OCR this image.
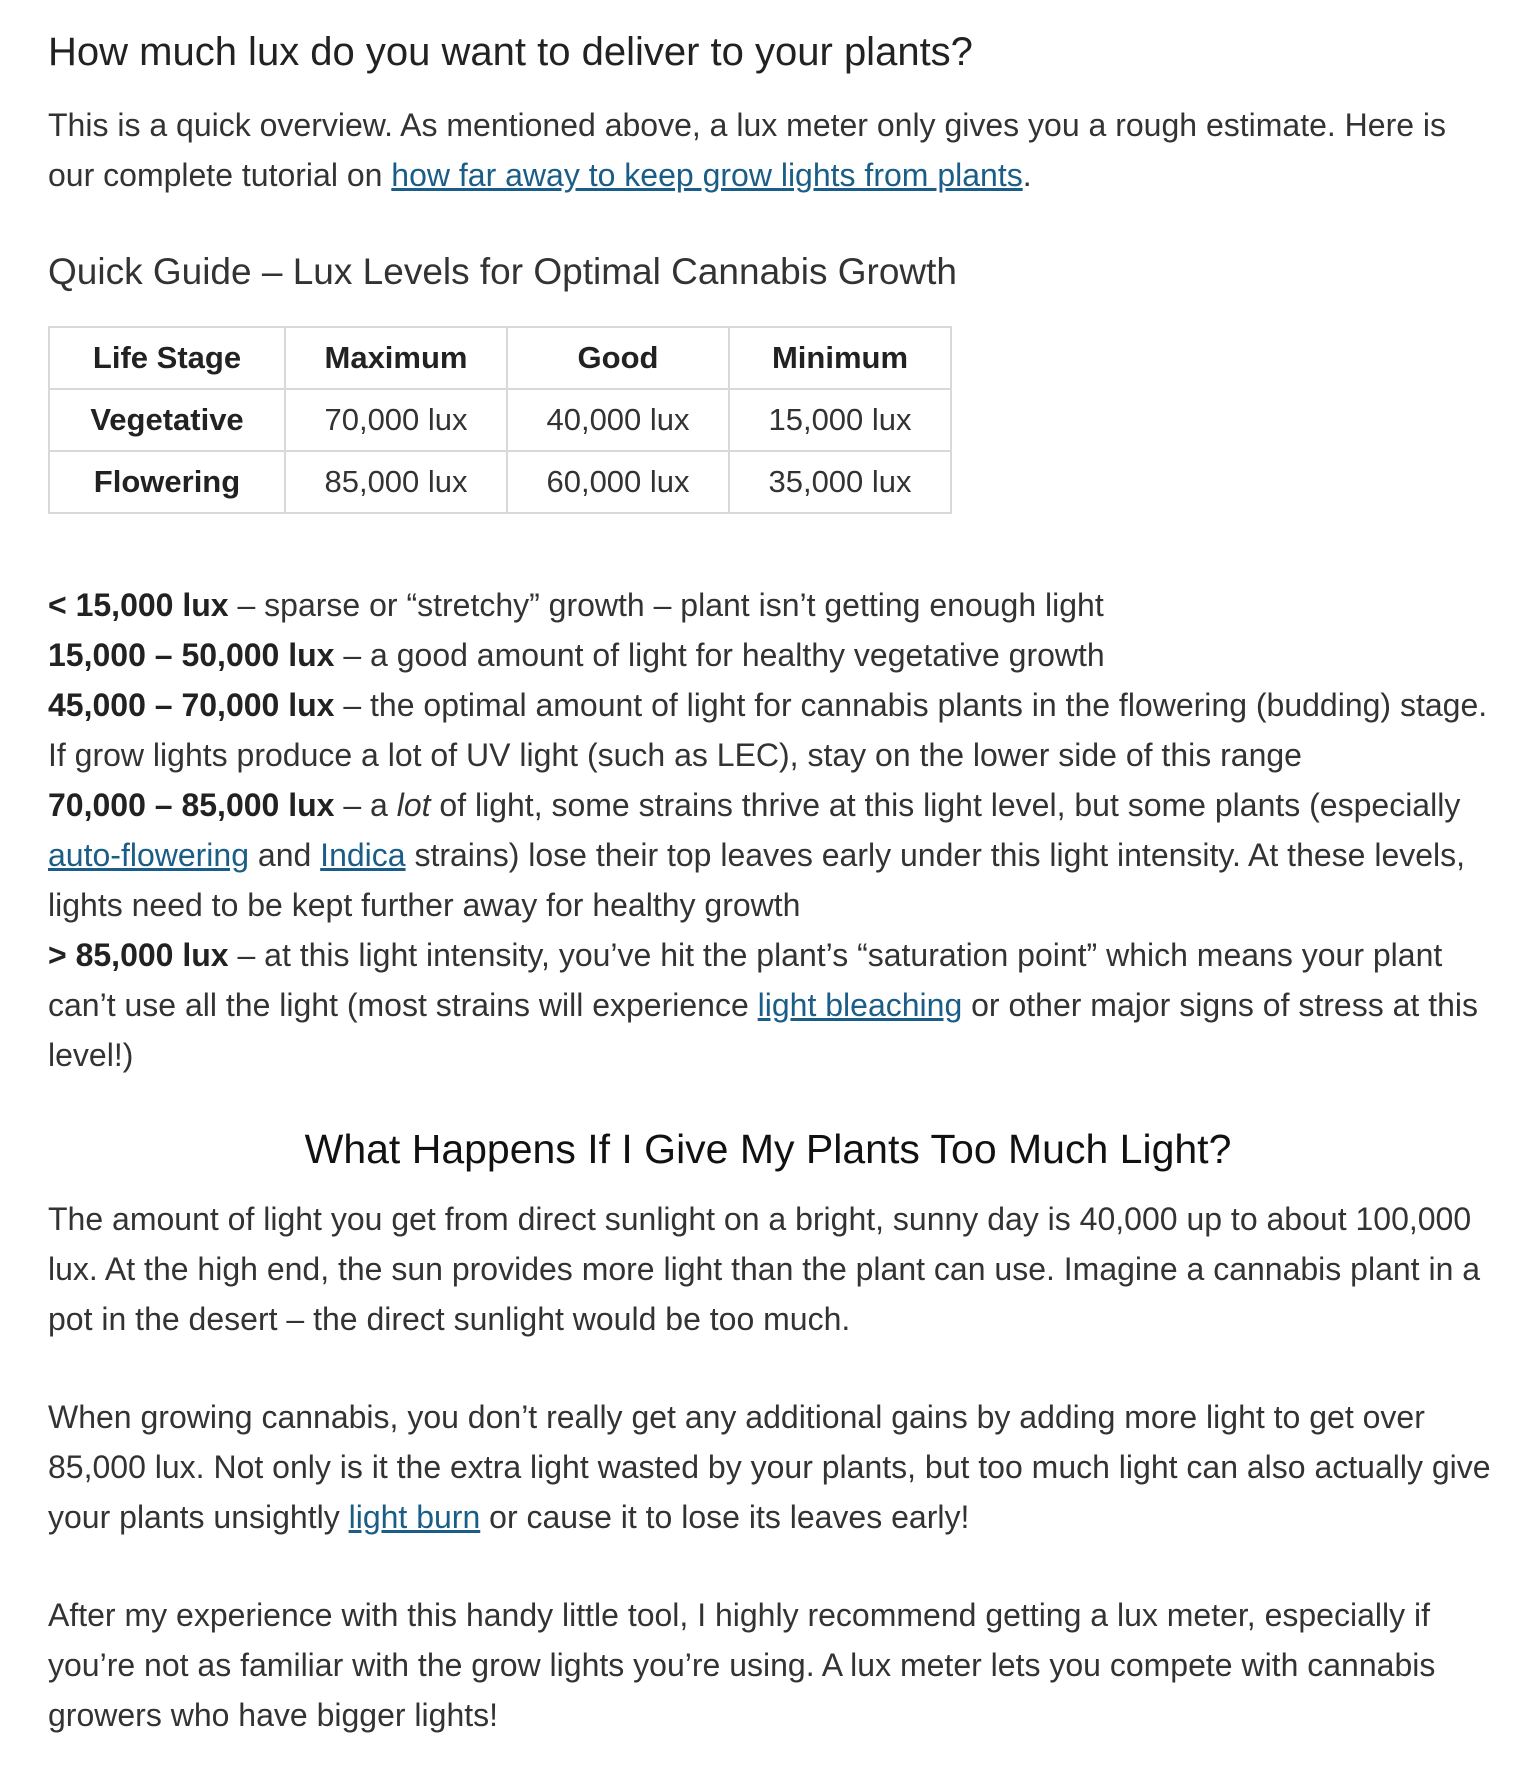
How much lux do you want to deliver to your plants?

This is a quick overview. As mentioned above, a lux meter only gives you a rough estimate. Here is our complete tutorial on how far away to keep grow lights from plants.

Quick Guide – Lux Levels for Optimal Cannabis Growth
Life Stage	Maximum	Good	Minimum
Vegetative	70,000 lux	40,000 lux	15,000 lux
Flowering	85,000 lux	60,000 lux	35,000 lux

< 15,000 lux – sparse or “stretchy” growth – plant isn’t getting enough light
15,000 – 50,000 lux – a good amount of light for healthy vegetative growth
45,000 – 70,000 lux – the optimal amount of light for cannabis plants in the flowering (budding) stage. If grow lights produce a lot of UV light (such as LEC), stay on the lower side of this range
70,000 – 85,000 lux – a lot of light, some strains thrive at this light level, but some plants (especially auto-flowering and Indica strains) lose their top leaves early under this light intensity. At these levels, lights need to be kept further away for healthy growth
> 85,000 lux – at this light intensity, you’ve hit the plant’s “saturation point” which means your plant can’t use all the light (most strains will experience light bleaching or other major signs of stress at this level!)

What Happens If I Give My Plants Too Much Light?

The amount of light you get from direct sunlight on a bright, sunny day is 40,000 up to about 100,000 lux. At the high end, the sun provides more light than the plant can use. Imagine a cannabis plant in a pot in the desert – the direct sunlight would be too much.

When growing cannabis, you don’t really get any additional gains by adding more light to get over 85,000 lux. Not only is it the extra light wasted by your plants, but too much light can also actually give your plants unsightly light burn or cause it to lose its leaves early!

After my experience with this handy little tool, I highly recommend getting a lux meter, especially if you’re not as familiar with the grow lights you’re using. A lux meter lets you compete with cannabis growers who have bigger lights!
